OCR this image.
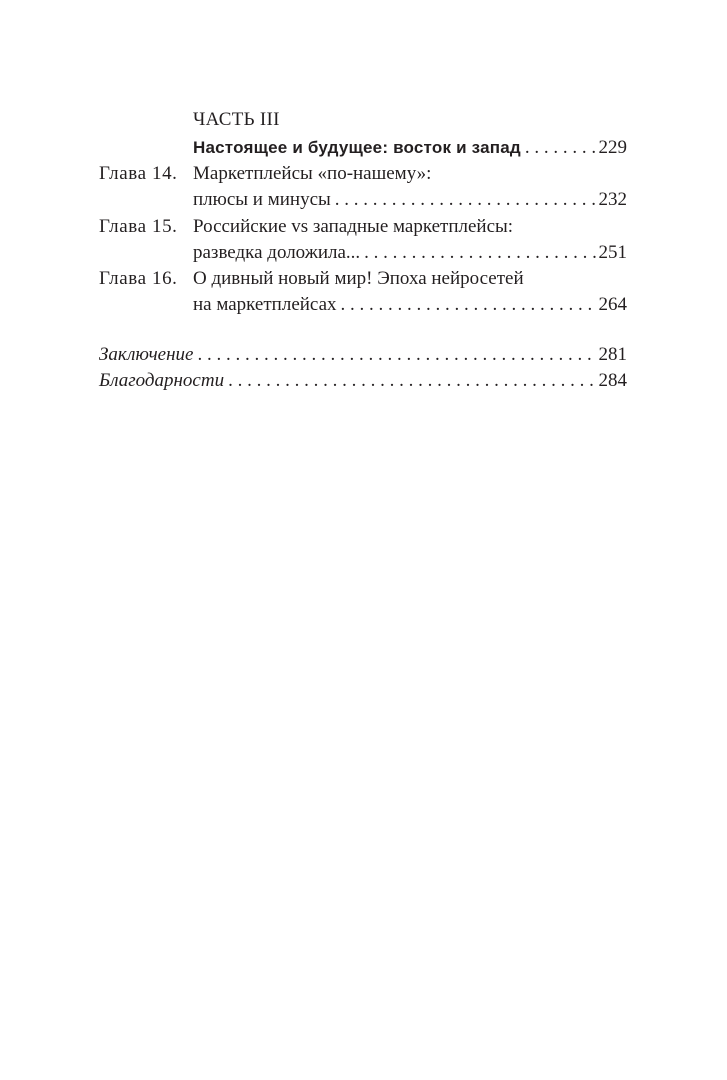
ЧАСТЬ III
Настоящее и будущее: восток и запад . . .	229
Глава 14. Маркетплейсы «по-нашему»:
плюсы и минусы . . .	232
Глава 15. Российские vs западные маркетплейсы:
разведка доложила... . . .	251
Глава 16. О дивный новый мир! Эпоха нейросетей
на маркетплейсах . . .	264
Заключение . . .	281
Благодарности . . .	284
